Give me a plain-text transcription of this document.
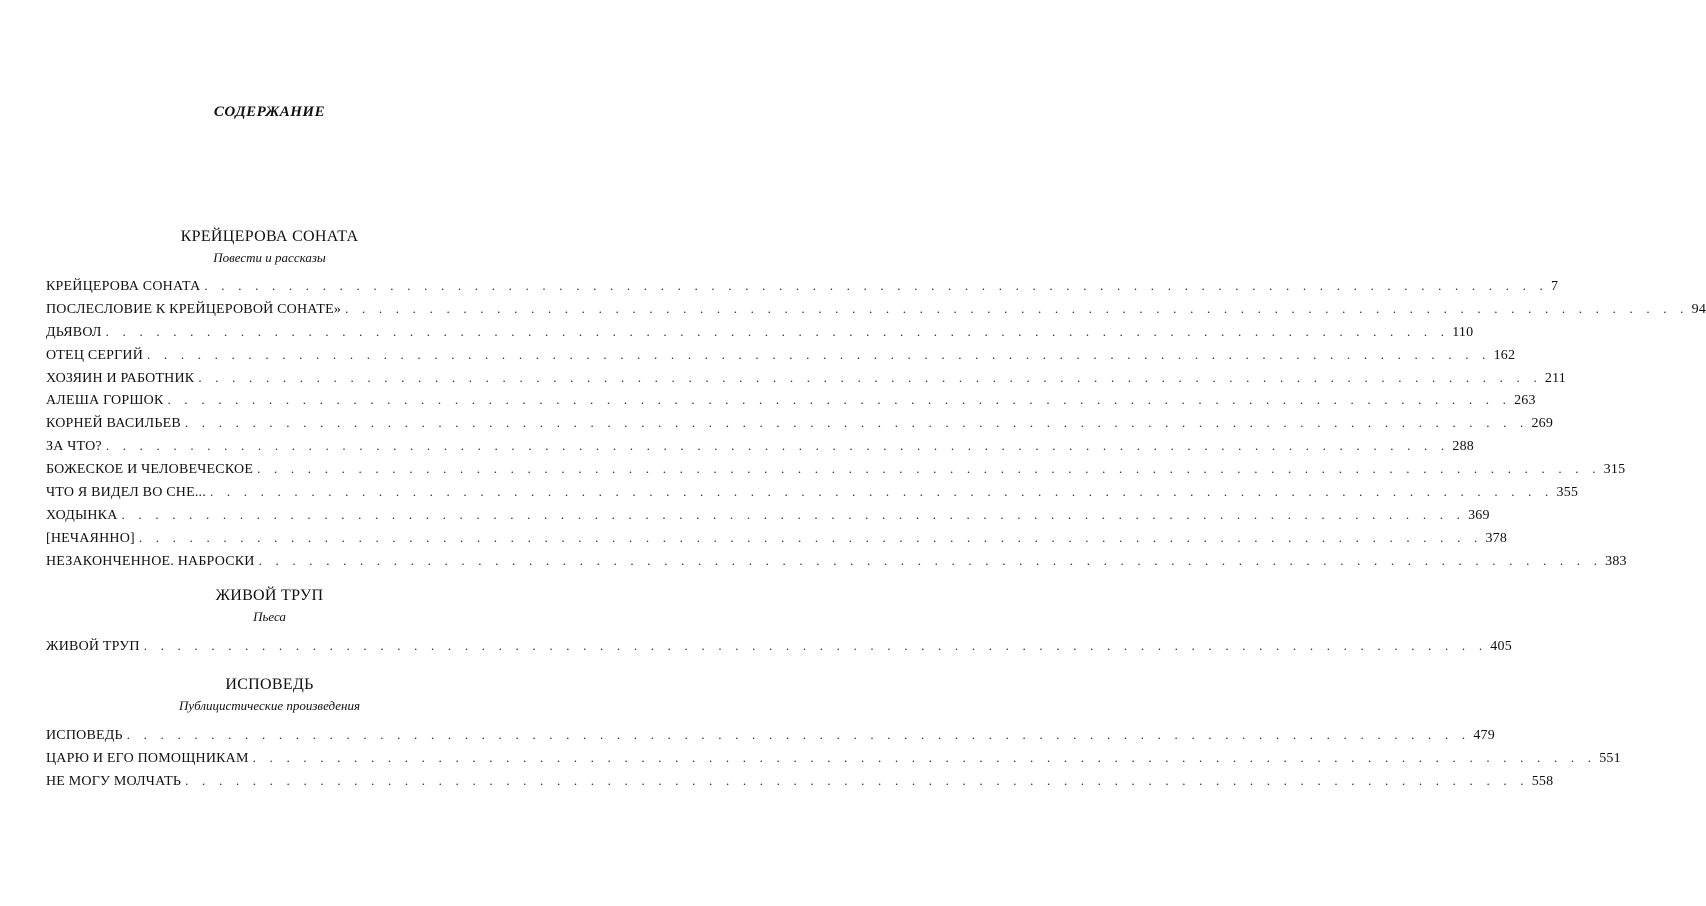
СОДЕРЖАНИЕ
КРЕЙЦЕРОВА СОНАТА
Повести и рассказы
КРЕЙЦЕРОВА СОНАТА . . . . . . . . . . . . . . . . . . . . . . . . . . . . . . . . . . . . . . . . . . . . . . . . . . . . . . . . . . . . . . . . . . . . . . . . . . . . . . . . 7
ПОСЛЕСЛОВИЕ К КРЕЙЦЕРОВОЙ СОНАТЕ» . . . . . . . . . . . . . . . . . . . . . . . . . . . . . . . . . . . . . . . . . . . . . . . . . . . . . . . . . . . . . . . . . . . . . . . . . . . . . . . . 94
ДЬЯВОЛ . . . . . . . . . . . . . . . . . . . . . . . . . . . . . . . . . . . . . . . . . . . . . . . . . . . . . . . . . . . . . . . . . . . . . . . . . . . . . . . . 110
ОТЕЦ СЕРГИЙ . . . . . . . . . . . . . . . . . . . . . . . . . . . . . . . . . . . . . . . . . . . . . . . . . . . . . . . . . . . . . . . . . . . . . . . . . . . . . . . . 162
ХОЗЯИН И РАБОТНИК . . . . . . . . . . . . . . . . . . . . . . . . . . . . . . . . . . . . . . . . . . . . . . . . . . . . . . . . . . . . . . . . . . . . . . . . . . . . . . . . 211
АЛЕША ГОРШОК . . . . . . . . . . . . . . . . . . . . . . . . . . . . . . . . . . . . . . . . . . . . . . . . . . . . . . . . . . . . . . . . . . . . . . . . . . . . . . . . 263
КОРНЕЙ ВАСИЛЬЕВ . . . . . . . . . . . . . . . . . . . . . . . . . . . . . . . . . . . . . . . . . . . . . . . . . . . . . . . . . . . . . . . . . . . . . . . . . . . . . . . . 269
ЗА ЧТО? . . . . . . . . . . . . . . . . . . . . . . . . . . . . . . . . . . . . . . . . . . . . . . . . . . . . . . . . . . . . . . . . . . . . . . . . . . . . . . . . 288
БОЖЕСКОЕ И ЧЕЛОВЕЧЕСКОЕ . . . . . . . . . . . . . . . . . . . . . . . . . . . . . . . . . . . . . . . . . . . . . . . . . . . . . . . . . . . . . . . . . . . . . . . . . . . . . . . . 315
ЧТО Я ВИДЕЛ ВО СНЕ... . . . . . . . . . . . . . . . . . . . . . . . . . . . . . . . . . . . . . . . . . . . . . . . . . . . . . . . . . . . . . . . . . . . . . . . . . . . . . . . . 355
ХОДЫНКА . . . . . . . . . . . . . . . . . . . . . . . . . . . . . . . . . . . . . . . . . . . . . . . . . . . . . . . . . . . . . . . . . . . . . . . . . . . . . . . . 369
[НЕЧАЯННО] . . . . . . . . . . . . . . . . . . . . . . . . . . . . . . . . . . . . . . . . . . . . . . . . . . . . . . . . . . . . . . . . . . . . . . . . . . . . . . . . 378
НЕЗАКОНЧЕННОЕ. НАБРОСКИ . . . . . . . . . . . . . . . . . . . . . . . . . . . . . . . . . . . . . . . . . . . . . . . . . . . . . . . . . . . . . . . . . . . . . . . . . . . . . . . . 383
ЖИВОЙ ТРУП
Пьеса
ЖИВОЙ ТРУП . . . . . . . . . . . . . . . . . . . . . . . . . . . . . . . . . . . . . . . . . . . . . . . . . . . . . . . . . . . . . . . . . . . . . . . . . . . . . . . . 405
ИСПОВЕДЬ
Публицистические произведения
ИСПОВЕДЬ . . . . . . . . . . . . . . . . . . . . . . . . . . . . . . . . . . . . . . . . . . . . . . . . . . . . . . . . . . . . . . . . . . . . . . . . . . . . . . . . 479
ЦАРЮ И ЕГО ПОМОЩНИКАМ . . . . . . . . . . . . . . . . . . . . . . . . . . . . . . . . . . . . . . . . . . . . . . . . . . . . . . . . . . . . . . . . . . . . . . . . . . . . . . . . 551
НЕ МОГУ МОЛЧАТЬ . . . . . . . . . . . . . . . . . . . . . . . . . . . . . . . . . . . . . . . . . . . . . . . . . . . . . . . . . . . . . . . . . . . . . . . . . . . . . . . . 558
